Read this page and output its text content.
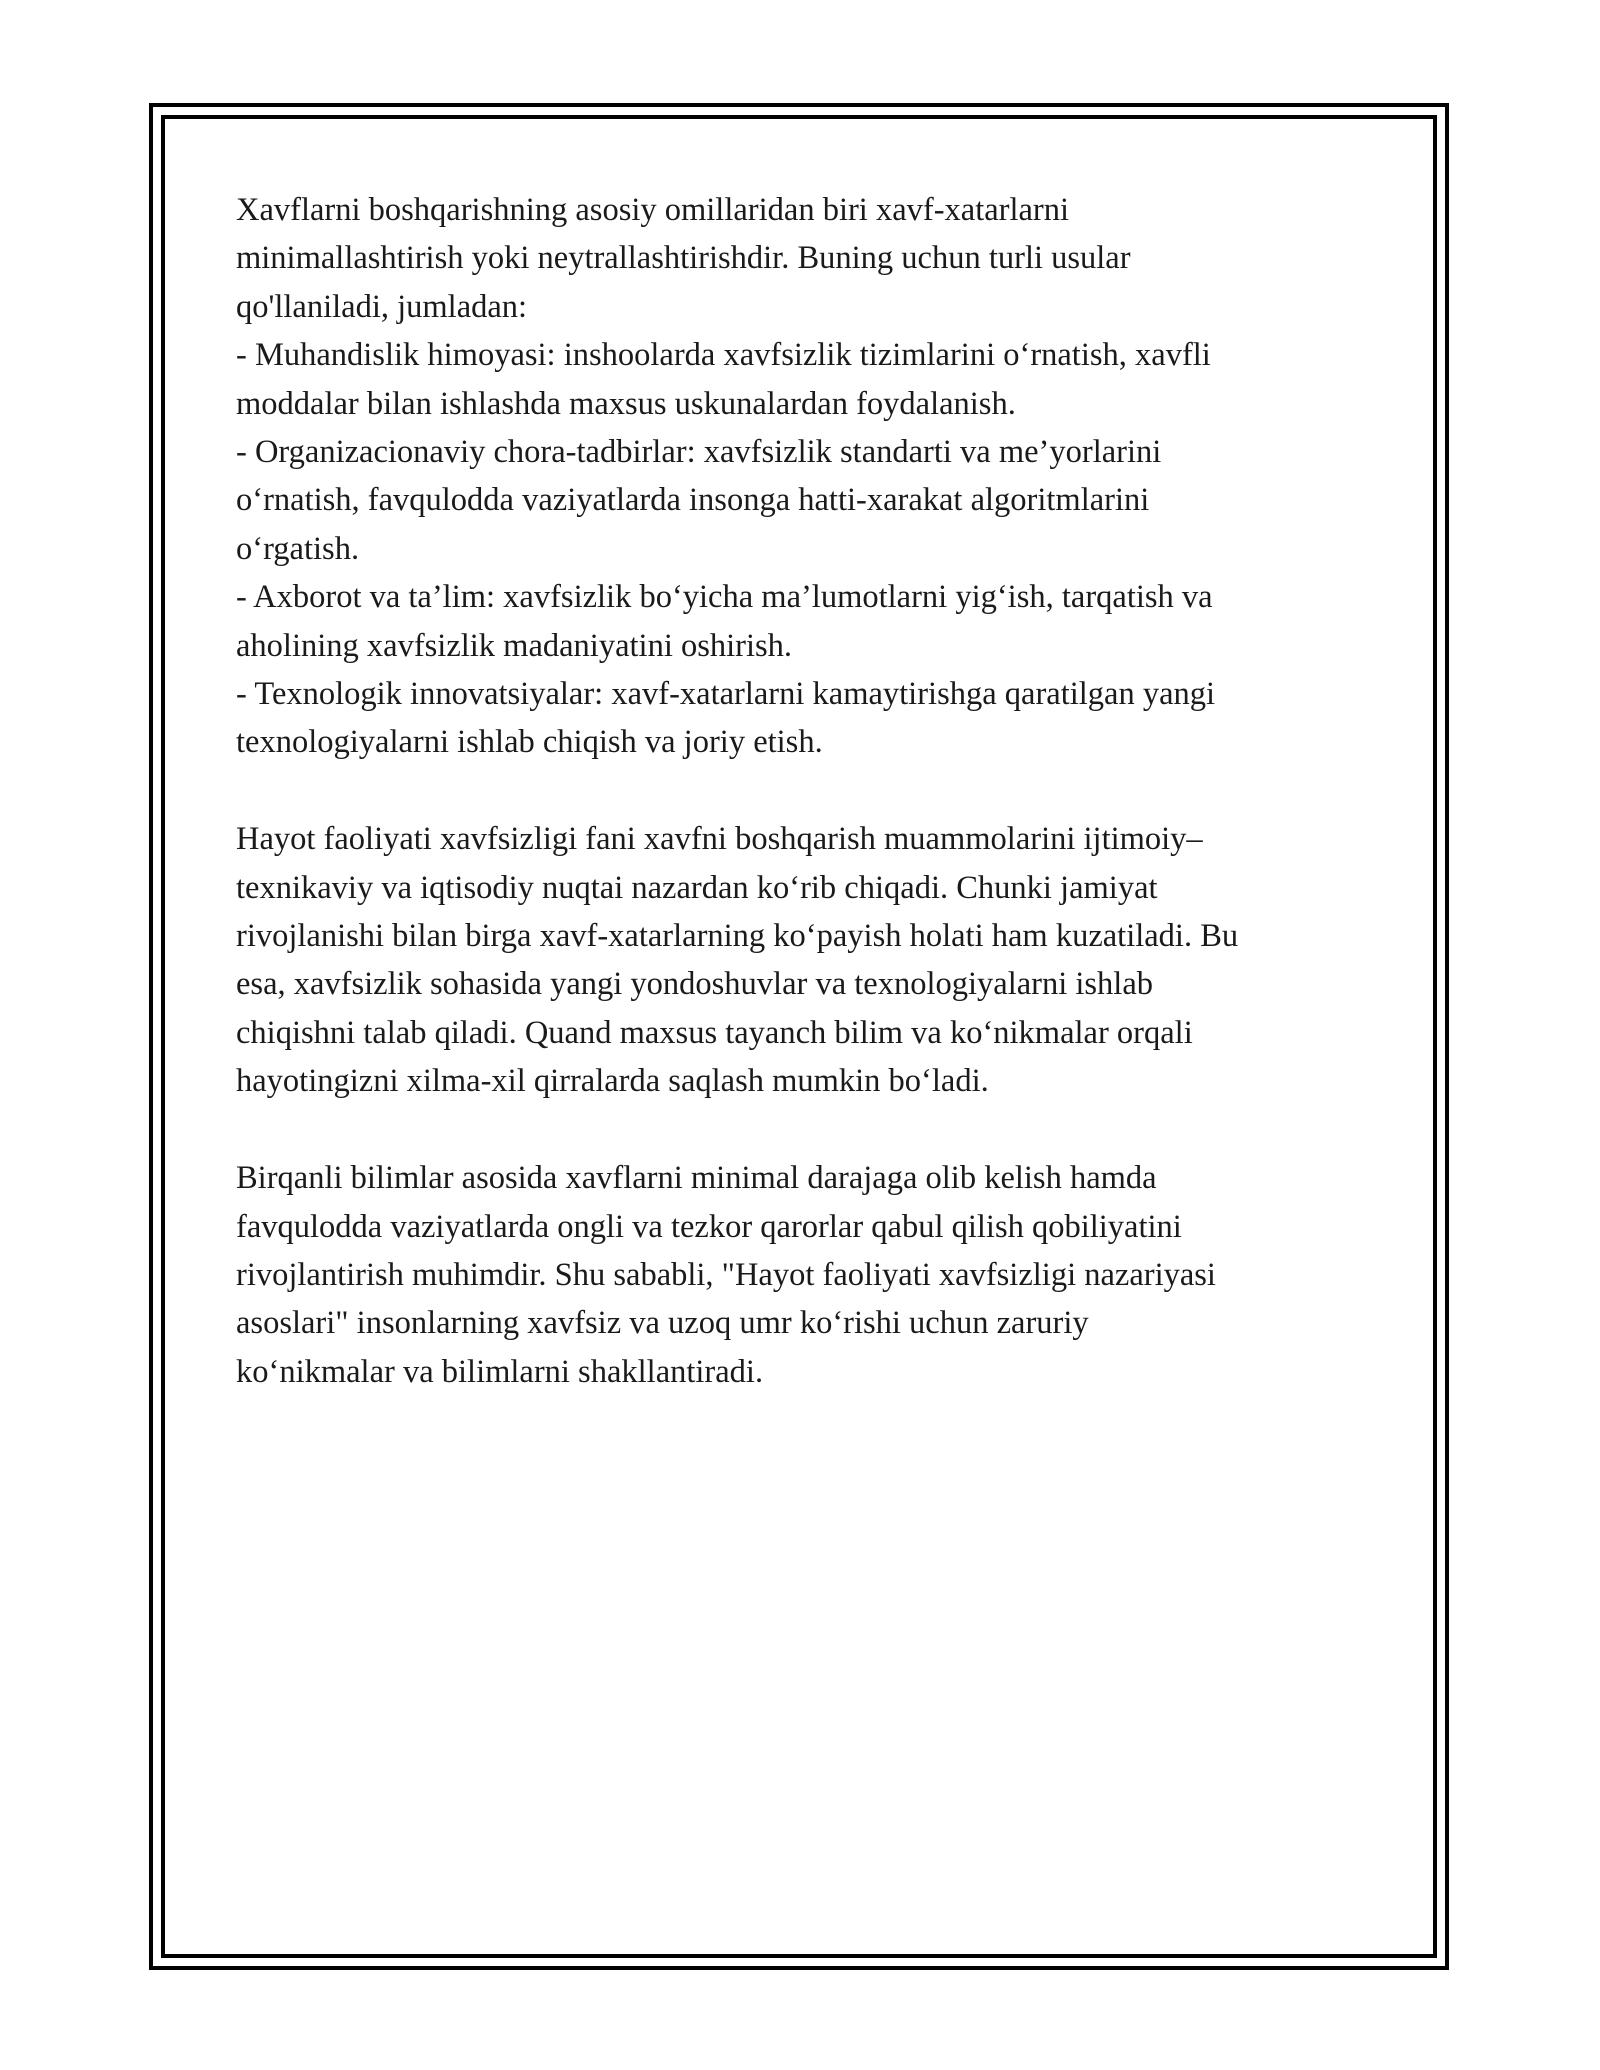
Xavflarni boshqarishning asosiy omillaridan biri xavf-xatarlarni
minimallashtirish yoki neytrallashtirishdir. Buning uchun turli usular
qo'llaniladi, jumladan:
- Muhandislik himoyasi: inshoolarda xavfsizlik tizimlarini o‘rnatish, xavfli
moddalar bilan ishlashda maxsus uskunalardan foydalanish.
- Organizacionaviy chora-tadbirlar: xavfsizlik standarti va me’yorlarini
o‘rnatish, favqulodda vaziyatlarda insonga hatti-xarakat algoritmlarini
o‘rgatish.
- Axborot va ta’lim: xavfsizlik bo‘yicha ma’lumotlarni yig‘ish, tarqatish va
aholining xavfsizlik madaniyatini oshirish.
- Texnologik innovatsiyalar: xavf-xatarlarni kamaytirishga qaratilgan yangi
texnologiyalarni ishlab chiqish va joriy etish.
Hayot faoliyati xavfsizligi fani xavfni boshqarish muammolarini ijtimoiy–
texnikaviy va iqtisodiy nuqtai nazardan ko‘rib chiqadi. Chunki jamiyat
rivojlanishi bilan birga xavf-xatarlarning ko‘payish holati ham kuzatiladi. Bu
esa, xavfsizlik sohasida yangi yondoshuvlar va texnologiyalarni ishlab
chiqishni talab qiladi. Quand maxsus tayanch bilim va ko‘nikmalar orqali
hayotingizni xilma-xil qirralarda saqlash mumkin bo‘ladi.
Birqanli bilimlar asosida xavflarni minimal darajaga olib kelish hamda
favqulodda vaziyatlarda ongli va tezkor qarorlar qabul qilish qobiliyatini
rivojlantirish muhimdir. Shu sababli, "Hayot faoliyati xavfsizligi nazariyasi
asoslari" insonlarning xavfsiz va uzoq umr ko‘rishi uchun zaruriy
ko‘nikmalar va bilimlarni shakllantiradi.
